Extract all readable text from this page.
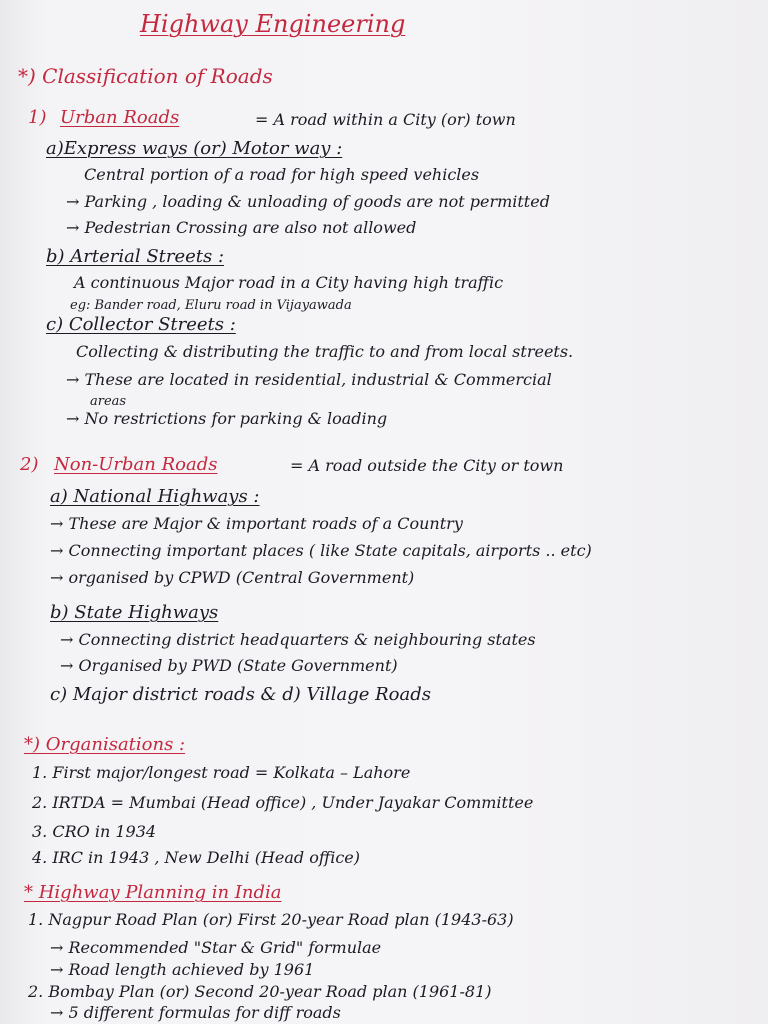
Highway Engineering
*) Classification of Roads
1) Urban Roads	= A road within a City (or) town
a)Express ways (or) Motor way :
Central portion of a road for high speed vehicles
→ Parking , loading & unloading of goods are not permitted
→ Pedestrian Crossing are also not allowed
b) Arterial Streets :
A continuous Major road in a City having high traffic
eg: Bander road, Eluru road in Vijayawada
c) Collector Streets :
Collecting & distributing the traffic to and from local streets.
→ These are located in residential, industrial & Commercial
areas
→ No restrictions for parking & loading
2) Non-Urban Roads	= A road outside the City or town
a) National Highways :
→ These are Major & important roads of a Country
→ Connecting important places ( like State capitals, airports .. etc)
→ organised by CPWD (Central Government)
b) State Highways
→ Connecting district headquarters & neighbouring states
→ Organised by PWD (State Government)
c) Major district roads & d) Village Roads
*) Organisations :
1. First major/longest road = Kolkata – Lahore
2. IRTDA = Mumbai (Head office) , Under Jayakar Committee
3. CRO in 1934
4. IRC in 1943 , New Delhi (Head office)
* Highway Planning in India
1. Nagpur Road Plan (or) First 20-year Road plan (1943-63)
→ Recommended "Star & Grid" formulae
→ Road length achieved by 1961
2. Bombay Plan (or) Second 20-year Road plan (1961-81)
→ 5 different formulas for diff roads
